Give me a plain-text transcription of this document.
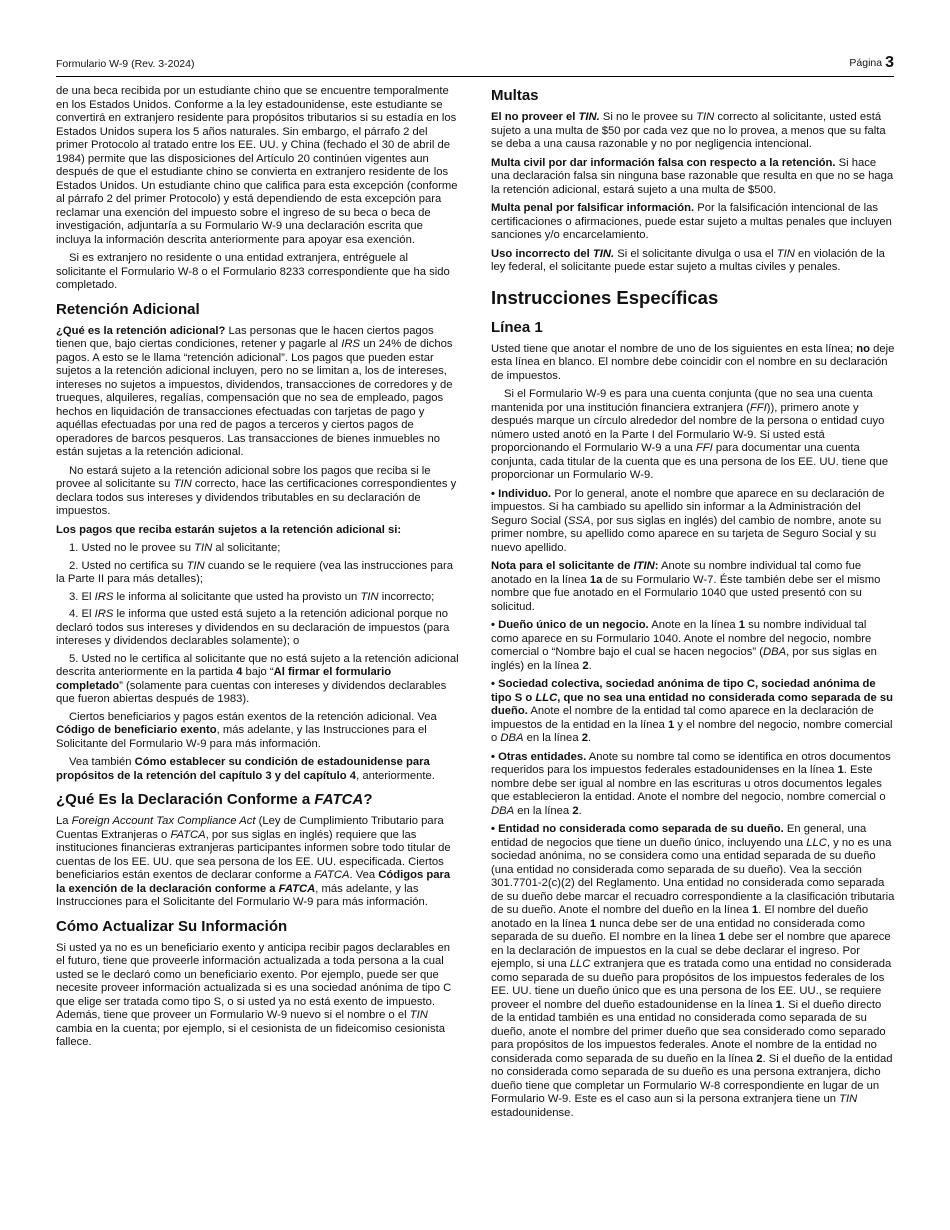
Formulario W-9 (Rev. 3-2024)	Página 3

de una beca recibida por un estudiante chino que se encuentre temporalmente en los Estados Unidos. Conforme a la ley estadounidense, este estudiante se convertirá en extranjero residente para propósitos tributarios si su estadía en los Estados Unidos supera los 5 años naturales. Sin embargo, el párrafo 2 del primer Protocolo al tratado entre los EE. UU. y China (fechado el 30 de abril de 1984) permite que las disposiciones del Artículo 20 continúen vigentes aun después de que el estudiante chino se convierta en extranjero residente de los Estados Unidos. Un estudiante chino que califica para esta excepción (conforme al párrafo 2 del primer Protocolo) y está dependiendo de esta excepción para reclamar una exención del impuesto sobre el ingreso de su beca o beca de investigación, adjuntaría a su Formulario W-9 una declaración escrita que incluya la información descrita anteriormente para apoyar esa exención.

Si es extranjero no residente o una entidad extranjera, entréguele al solicitante el Formulario W-8 o el Formulario 8233 correspondiente que ha sido completado.

Retención Adicional

¿Qué es la retención adicional? Las personas que le hacen ciertos pagos tienen que, bajo ciertas condiciones, retener y pagarle al IRS un 24% de dichos pagos. A esto se le llama “retención adicional”. Los pagos que pueden estar sujetos a la retención adicional incluyen, pero no se limitan a, los de intereses, intereses no sujetos a impuestos, dividendos, transacciones de corredores y de trueques, alquileres, regalías, compensación que no sea de empleado, pagos hechos en liquidación de transacciones efectuadas con tarjetas de pago y aquéllas efectuadas por una red de pagos a terceros y ciertos pagos de operadores de barcos pesqueros. Las transacciones de bienes inmuebles no están sujetas a la retención adicional.

No estará sujeto a la retención adicional sobre los pagos que reciba si le provee al solicitante su TIN correcto, hace las certificaciones correspondientes y declara todos sus intereses y dividendos tributables en su declaración de impuestos.

Los pagos que reciba estarán sujetos a la retención adicional si:

1. Usted no le provee su TIN al solicitante;

2. Usted no certifica su TIN cuando se le requiere (vea las instrucciones para la Parte II para más detalles);

3. El IRS le informa al solicitante que usted ha provisto un TIN incorrecto;

4. El IRS le informa que usted está sujeto a la retención adicional porque no declaró todos sus intereses y dividendos en su declaración de impuestos (para intereses y dividendos declarables solamente); o

5. Usted no le certifica al solicitante que no está sujeto a la retención adicional descrita anteriormente en la partida 4 bajo “Al firmar el formulario completado” (solamente para cuentas con intereses y dividendos declarables que fueron abiertas después de 1983).

Ciertos beneficiarios y pagos están exentos de la retención adicional. Vea Código de beneficiario exento, más adelante, y las Instrucciones para el Solicitante del Formulario W-9 para más información.

Vea también Cómo establecer su condición de estadounidense para propósitos de la retención del capítulo 3 y del capítulo 4, anteriormente.

¿Qué Es la Declaración Conforme a FATCA?

La Foreign Account Tax Compliance Act (Ley de Cumplimiento Tributario para Cuentas Extranjeras o FATCA, por sus siglas en inglés) requiere que las instituciones financieras extranjeras participantes informen sobre todo titular de cuentas de los EE. UU. que sea persona de los EE. UU. especificada. Ciertos beneficiarios están exentos de declarar conforme a FATCA. Vea Códigos para la exención de la declaración conforme a FATCA, más adelante, y las Instrucciones para el Solicitante del Formulario W-9 para más información.

Cómo Actualizar Su Información

Si usted ya no es un beneficiario exento y anticipa recibir pagos declarables en el futuro, tiene que proveerle información actualizada a toda persona a la cual usted se le declaró como un beneficiario exento. Por ejemplo, puede ser que necesite proveer información actualizada si es una sociedad anónima de tipo C que elige ser tratada como tipo S, o si usted ya no está exento de impuesto. Además, tiene que proveer un Formulario W-9 nuevo si el nombre o el TIN cambia en la cuenta; por ejemplo, si el cesionista de un fideicomiso cesionista fallece.

Multas

El no proveer el TIN. Si no le provee su TIN correcto al solicitante, usted está sujeto a una multa de $50 por cada vez que no lo provea, a menos que su falta se deba a una causa razonable y no por negligencia intencional.

Multa civil por dar información falsa con respecto a la retención. Si hace una declaración falsa sin ninguna base razonable que resulta en que no se haga la retención adicional, estará sujeto a una multa de $500.

Multa penal por falsificar información. Por la falsificación intencional de las certificaciones o afirmaciones, puede estar sujeto a multas penales que incluyen sanciones y/o encarcelamiento.

Uso incorrecto del TIN. Si el solicitante divulga o usa el TIN en violación de la ley federal, el solicitante puede estar sujeto a multas civiles y penales.

Instrucciones Específicas
Línea 1

Usted tiene que anotar el nombre de uno de los siguientes en esta línea; no deje esta línea en blanco. El nombre debe coincidir con el nombre en su declaración de impuestos.

Si el Formulario W-9 es para una cuenta conjunta (que no sea una cuenta mantenida por una institución financiera extranjera (FFI)), primero anote y después marque un círculo alrededor del nombre de la persona o entidad cuyo número usted anotó en la Parte I del Formulario W-9. Si usted está proporcionando el Formulario W-9 a una FFI para documentar una cuenta conjunta, cada titular de la cuenta que es una persona de los EE. UU. tiene que proporcionar un Formulario W-9.

• Individuo. Por lo general, anote el nombre que aparece en su declaración de impuestos. Si ha cambiado su apellido sin informar a la Administración del Seguro Social (SSA, por sus siglas en inglés) del cambio de nombre, anote su primer nombre, su apellido como aparece en su tarjeta de Seguro Social y su nuevo apellido.

Nota para el solicitante de ITIN: Anote su nombre individual tal como fue anotado en la línea 1a de su Formulario W-7. Éste también debe ser el mismo nombre que fue anotado en el Formulario 1040 que usted presentó con su solicitud.

• Dueño único de un negocio. Anote en la línea 1 su nombre individual tal como aparece en su Formulario 1040. Anote el nombre del negocio, nombre comercial o “Nombre bajo el cual se hacen negocios” (DBA, por sus siglas en inglés) en la línea 2.

• Sociedad colectiva, sociedad anónima de tipo C, sociedad anónima de tipo S o LLC, que no sea una entidad no considerada como separada de su dueño. Anote el nombre de la entidad tal como aparece en la declaración de impuestos de la entidad en la línea 1 y el nombre del negocio, nombre comercial o DBA en la línea 2.

• Otras entidades. Anote su nombre tal como se identifica en otros documentos requeridos para los impuestos federales estadounidenses en la línea 1. Este nombre debe ser igual al nombre en las escrituras u otros documentos legales que establecieron la entidad. Anote el nombre del negocio, nombre comercial o DBA en la línea 2.

• Entidad no considerada como separada de su dueño. En general, una entidad de negocios que tiene un dueño único, incluyendo una LLC, y no es una sociedad anónima, no se considera como una entidad separada de su dueño (una entidad no considerada como separada de su dueño). Vea la sección 301.7701-2(c)(2) del Reglamento. Una entidad no considerada como separada de su dueño debe marcar el recuadro correspondiente a la clasificación tributaria de su dueño. Anote el nombre del dueño en la línea 1. El nombre del dueño anotado en la línea 1 nunca debe ser de una entidad no considerada como separada de su dueño. El nombre en la línea 1 debe ser el nombre que aparece en la declaración de impuestos en la cual se debe declarar el ingreso. Por ejemplo, si una LLC extranjera que es tratada como una entidad no considerada como separada de su dueño para propósitos de los impuestos federales de los EE. UU. tiene un dueño único que es una persona de los EE. UU., se requiere proveer el nombre del dueño estadounidense en la línea 1. Si el dueño directo de la entidad también es una entidad no considerada como separada de su dueño, anote el nombre del primer dueño que sea considerado como separado para propósitos de los impuestos federales. Anote el nombre de la entidad no considerada como separada de su dueño en la línea 2. Si el dueño de la entidad no considerada como separada de su dueño es una persona extranjera, dicho dueño tiene que completar un Formulario W-8 correspondiente en lugar de un Formulario W-9. Este es el caso aun si la persona extranjera tiene un TIN estadounidense.
